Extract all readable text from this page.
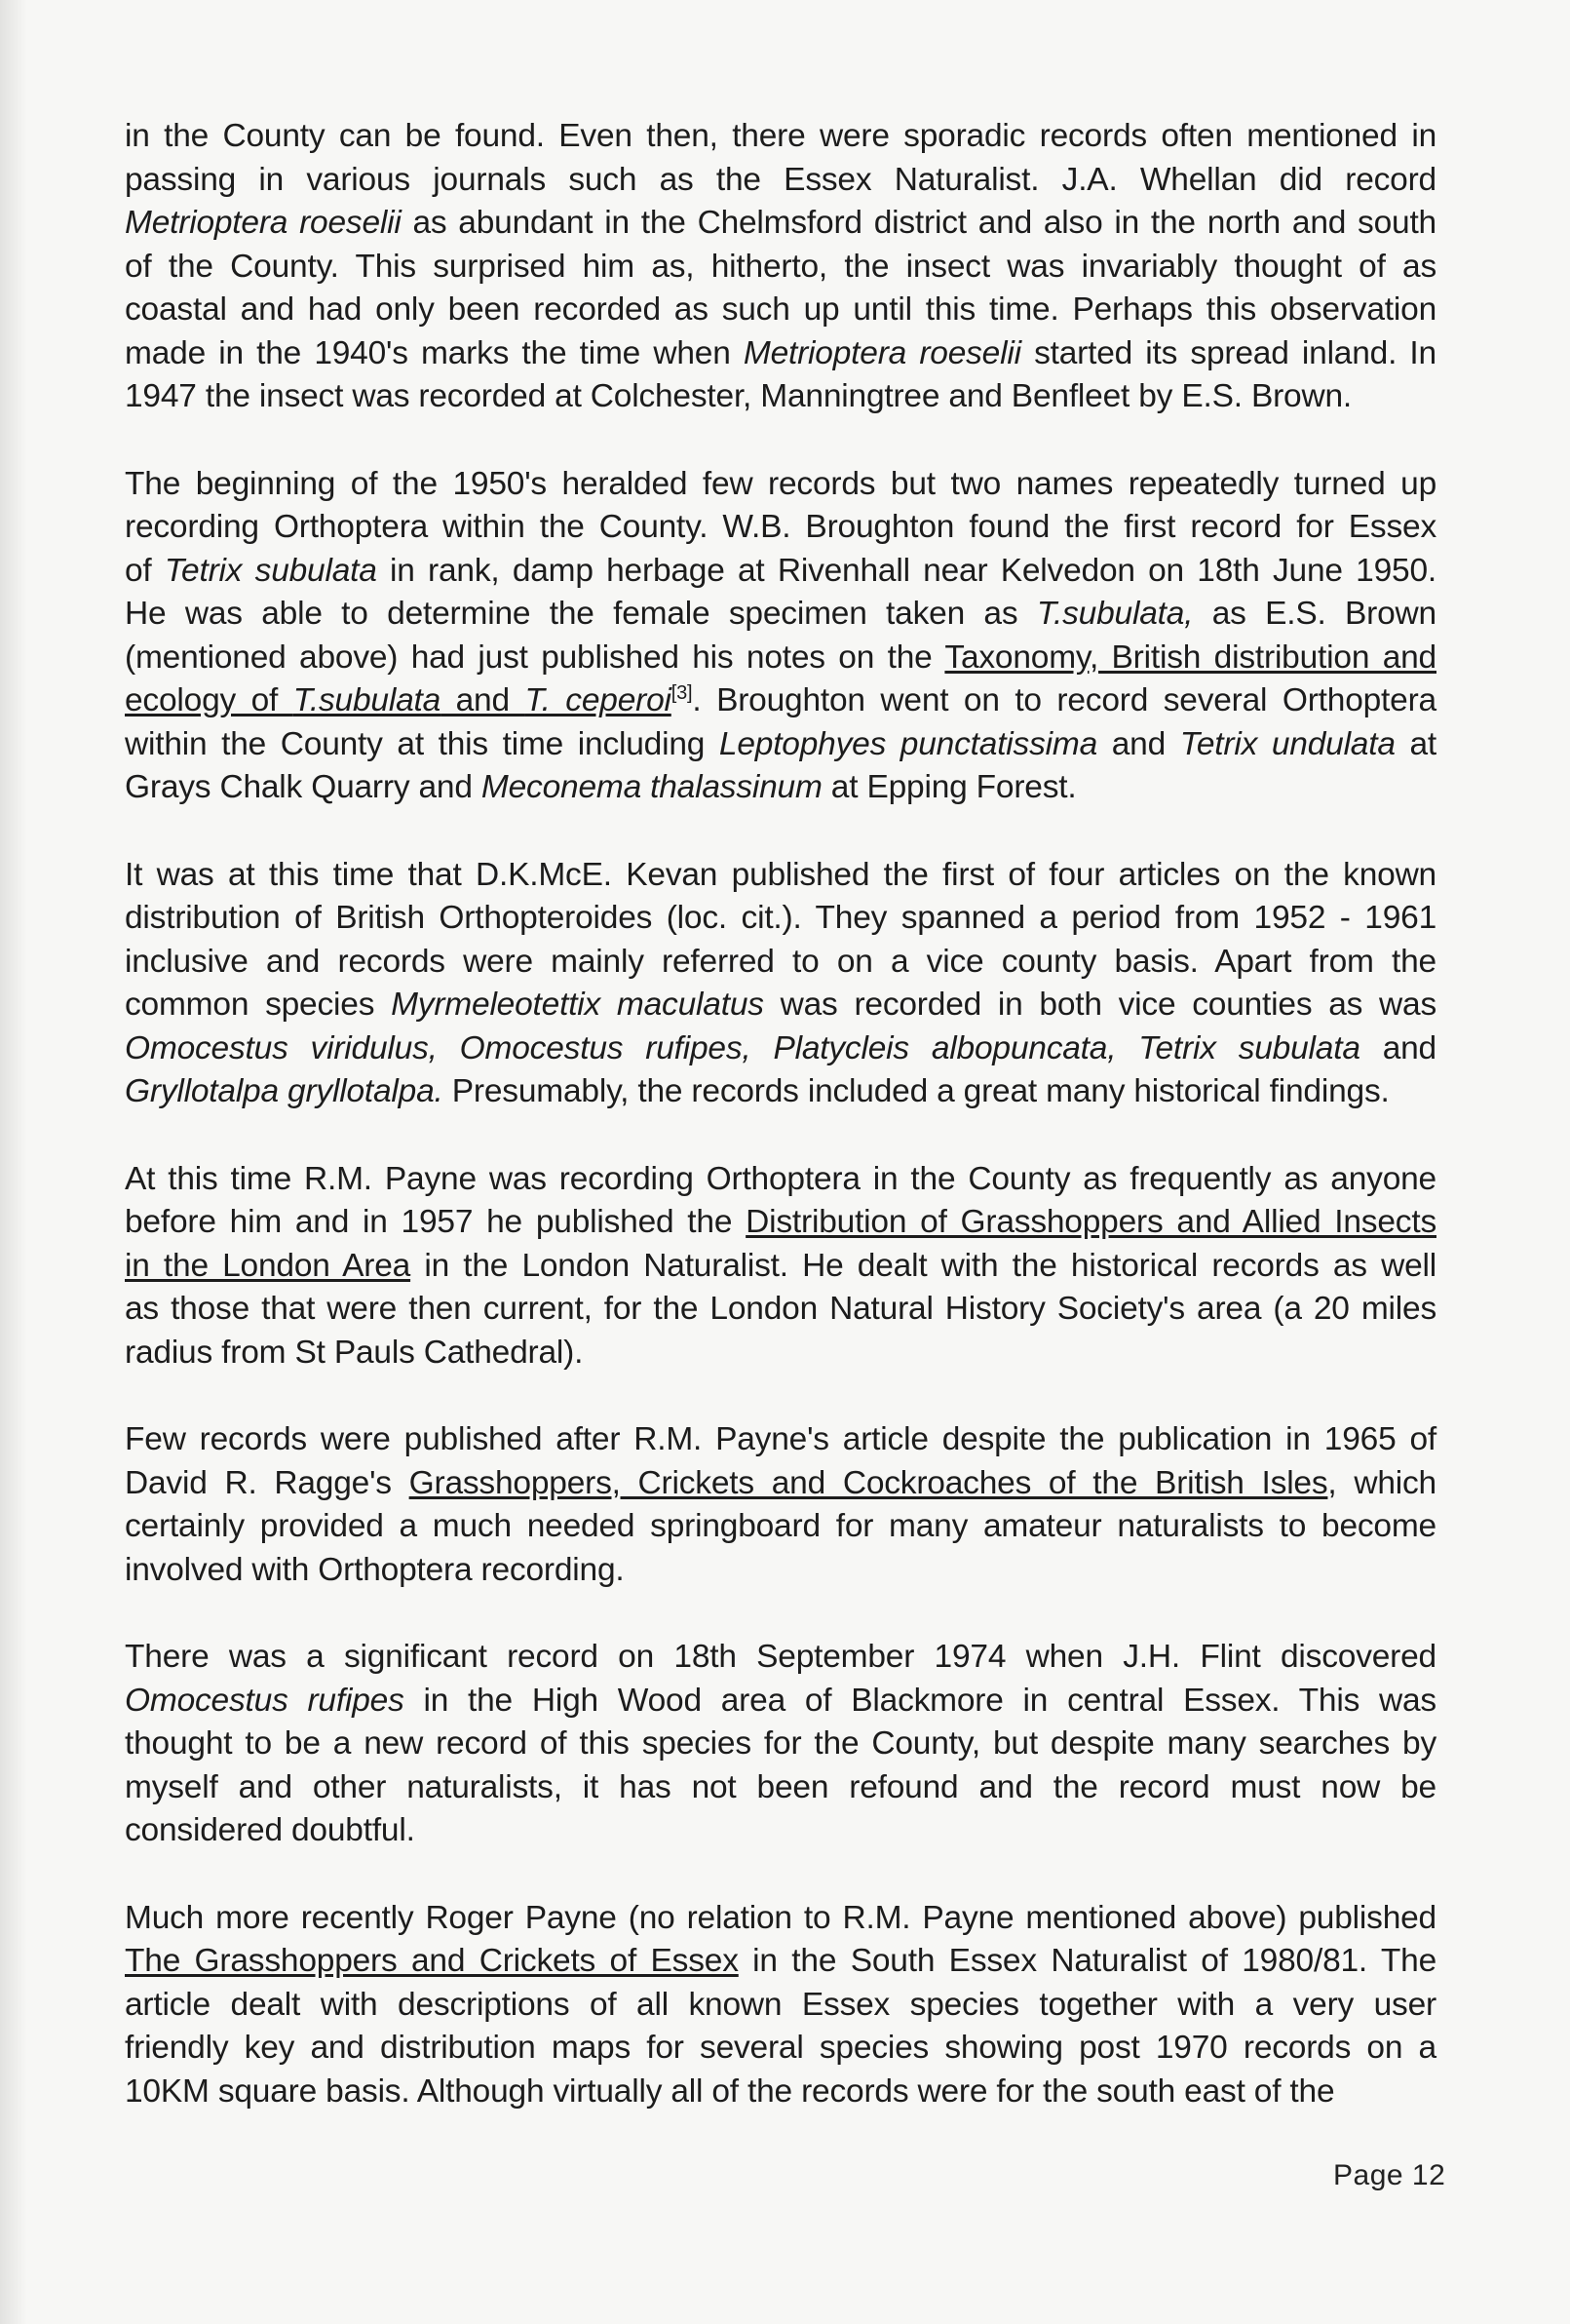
in the County can be found. Even then, there were sporadic records often mentioned in
passing in various journals such as the Essex Naturalist. J.A. Whellan did record
Metrioptera roeselii as abundant in the Chelmsford district and also in the north and south
of the County. This surprised him as, hitherto, the insect was invariably thought of as
coastal and had only been recorded as such up until this time. Perhaps this observation
made in the 1940's marks the time when Metrioptera roeselii started its spread inland. In
1947 the insect was recorded at Colchester, Manningtree and Benfleet by E.S. Brown.

The beginning of the 1950's heralded few records but two names repeatedly turned up
recording Orthoptera within the County. W.B. Broughton found the first record for Essex
of Tetrix subulata in rank, damp herbage at Rivenhall near Kelvedon on 18th June 1950.
He was able to determine the female specimen taken as T.subulata, as E.S. Brown
(mentioned above) had just published his notes on the Taxonomy, British distribution and
ecology of T.subulata and T. ceperoi[3]. Broughton went on to record several Orthoptera
within the County at this time including Leptophyes punctatissima and Tetrix undulata at
Grays Chalk Quarry and Meconema thalassinum at Epping Forest.

It was at this time that D.K.McE. Kevan published the first of four articles on the known
distribution of British Orthopteroides (loc. cit.). They spanned a period from 1952 - 1961
inclusive and records were mainly referred to on a vice county basis. Apart from the
common species Myrmeleotettix maculatus was recorded in both vice counties as was
Omocestus viridulus, Omocestus rufipes, Platycleis albopuncata, Tetrix subulata and
Gryllotalpa gryllotalpa. Presumably, the records included a great many historical findings.

At this time R.M. Payne was recording Orthoptera in the County as frequently as anyone
before him and in 1957 he published the Distribution of Grasshoppers and Allied Insects
in the London Area in the London Naturalist. He dealt with the historical records as well
as those that were then current, for the London Natural History Society's area (a 20 miles
radius from St Pauls Cathedral).

Few records were published after R.M. Payne's article despite the publication in 1965 of
David R. Ragge's Grasshoppers, Crickets and Cockroaches of the British Isles, which
certainly provided a much needed springboard for many amateur naturalists to become
involved with Orthoptera recording.

There was a significant record on 18th September 1974 when J.H. Flint discovered
Omocestus rufipes in the High Wood area of Blackmore in central Essex. This was
thought to be a new record of this species for the County, but despite many searches by
myself and other naturalists, it has not been refound and the record must now be
considered doubtful.

Much more recently Roger Payne (no relation to R.M. Payne mentioned above) published
The Grasshoppers and Crickets of Essex in the South Essex Naturalist of 1980/81. The
article dealt with descriptions of all known Essex species together with a very user
friendly key and distribution maps for several species showing post 1970 records on a
10KM square basis. Although virtually all of the records were for the south east of the

Page 12
